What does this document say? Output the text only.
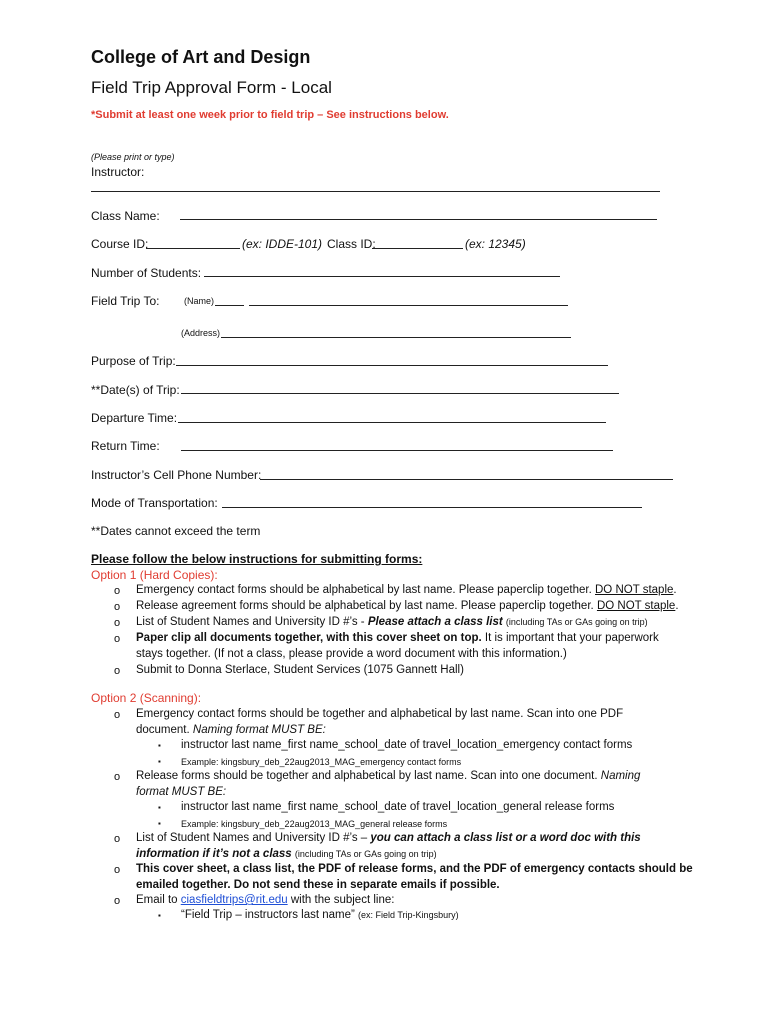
College of Art and Design
Field Trip Approval Form - Local
*Submit at least one week prior to field trip – See instructions below.
(Please print or type)
Instructor:
Class Name:
Course ID:	(ex: IDDE-101) Class ID:	(ex: 12345)
Number of Students:
Field Trip To:	(Name)
(Address)
Purpose of Trip:
**Date(s) of Trip:
Departure Time:
Return Time:
Instructor’s Cell Phone Number:
Mode of Transportation:
**Dates cannot exceed the term
Please follow the below instructions for submitting forms:
Option 1 (Hard Copies):
o Emergency contact forms should be alphabetical by last name. Please paperclip together. DO NOT staple.
o Release agreement forms should be alphabetical by last name. Please paperclip together. DO NOT staple.
o List of Student Names and University ID #’s - Please attach a class list (including TAs or GAs going on trip)
o Paper clip all documents together, with this cover sheet on top. It is important that your paperwork
stays together. (If not a class, please provide a word document with this information.)
o Submit to Donna Sterlace, Student Services (1075 Gannett Hall)
Option 2 (Scanning):
o Emergency contact forms should be together and alphabetical by last name. Scan into one PDF
document. Naming format MUST BE:
▪ instructor last name_first name_school_date of travel_location_emergency contact forms
▪ Example: kingsbury_deb_22aug2013_MAG_emergency contact forms
o Release forms should be together and alphabetical by last name. Scan into one document. Naming
format MUST BE:
▪ instructor last name_first name_school_date of travel_location_general release forms
▪ Example: kingsbury_deb_22aug2013_MAG_general release forms
o List of Student Names and University ID #’s – you can attach a class list or a word doc with this
information if it’s not a class (including TAs or GAs going on trip)
o This cover sheet, a class list, the PDF of release forms, and the PDF of emergency contacts should be
emailed together. Do not send these in separate emails if possible.
o Email to ciasfieldtrips@rit.edu with the subject line:
▪ “Field Trip – instructors last name” (ex: Field Trip-Kingsbury)
